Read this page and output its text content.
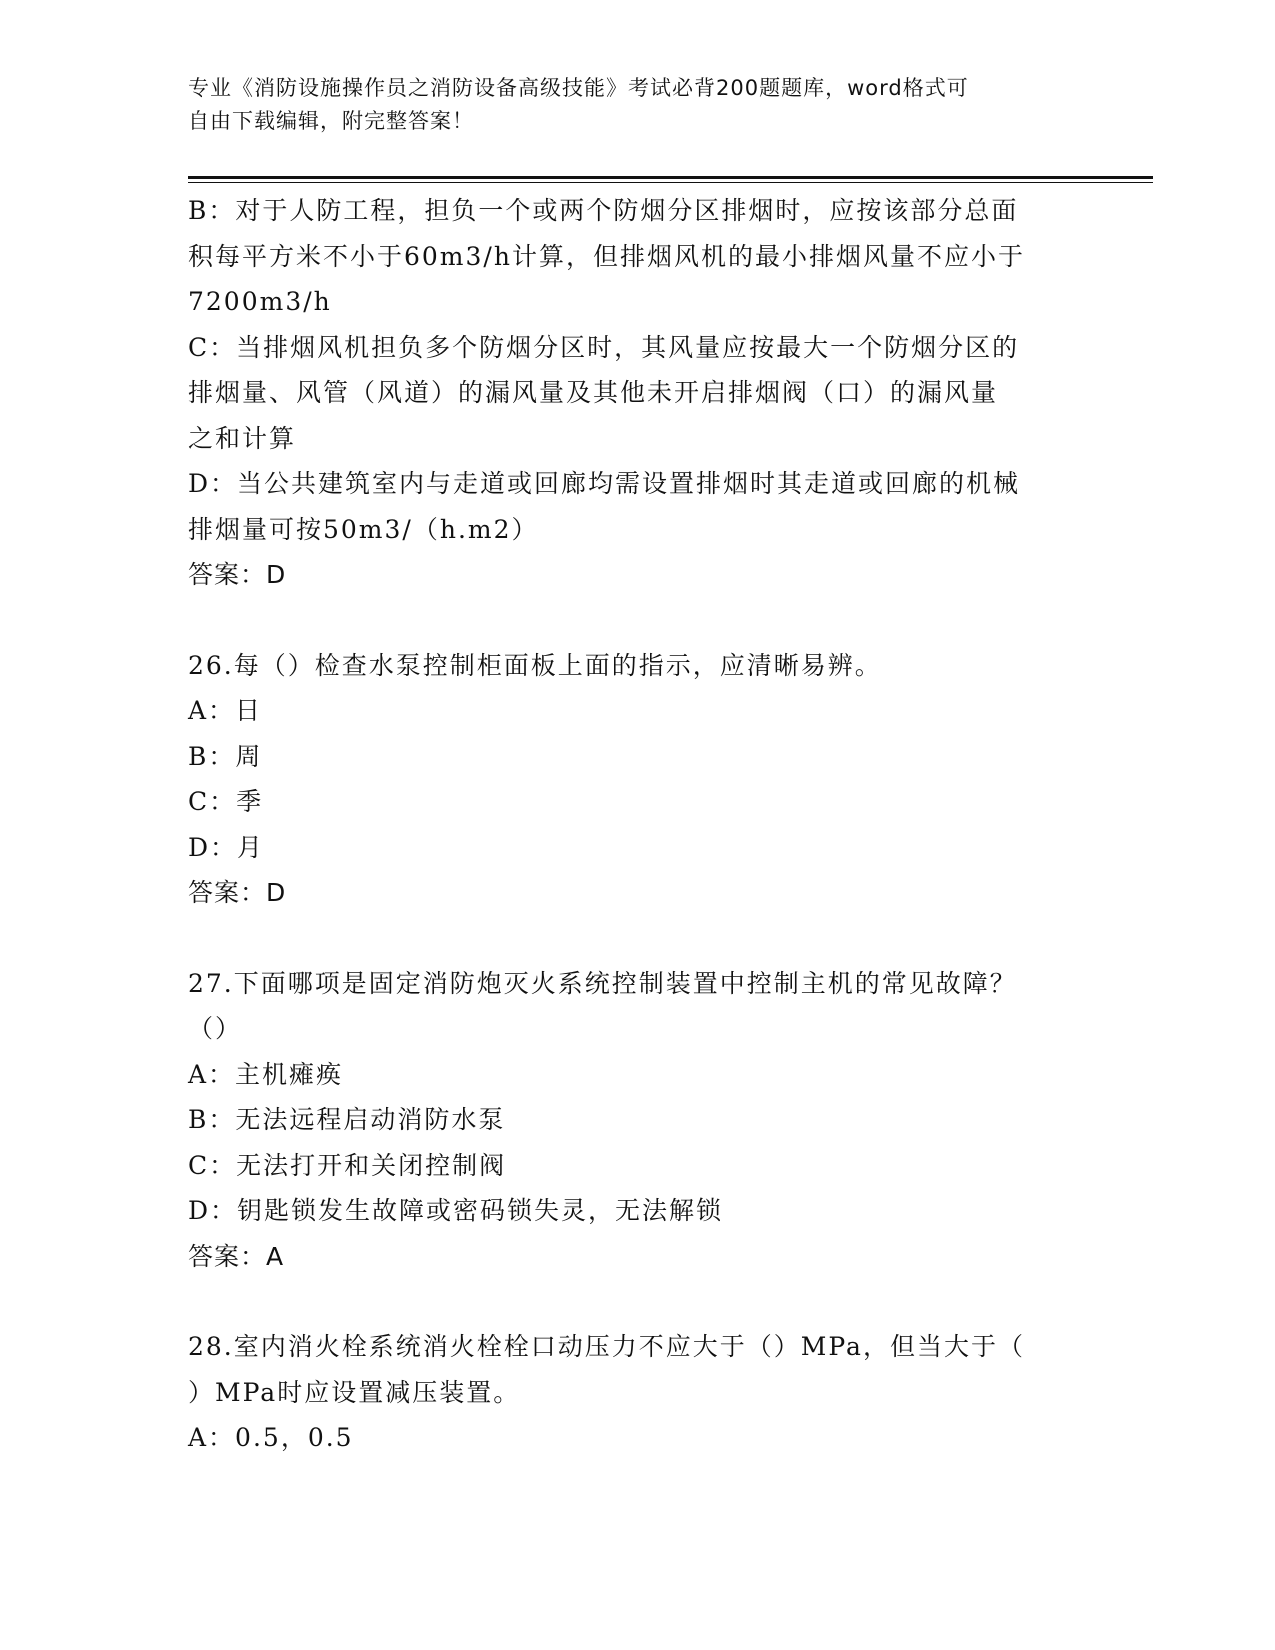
专业《消防设施操作员之消防设备高级技能》考试必背200题题库，word格式可
自由下载编辑，附完整答案！

B：对于人防工程，担负一个或两个防烟分区排烟时，应按该部分总面

积每平方米不小于60m3/h计算，但排烟风机的最小排烟风量不应小于

7200m3/h

C：当排烟风机担负多个防烟分区时，其风量应按最大一个防烟分区的

排烟量、风管（风道）的漏风量及其他未开启排烟阀（口）的漏风量

之和计算

D：当公共建筑室内与走道或回廊均需设置排烟时其走道或回廊的机械

排烟量可按50m3/（h.m2）

答案：D

26.每（）检查水泵控制柜面板上面的指示，应清晰易辨。

A：日

B：周

C：季

D：月

答案：D

27.下面哪项是固定消防炮灭火系统控制装置中控制主机的常见故障？

（）

A：主机瘫痪

B：无法远程启动消防水泵

C：无法打开和关闭控制阀

D：钥匙锁发生故障或密码锁失灵，无法解锁

答案：A

28.室内消火栓系统消火栓栓口动压力不应大于（）MPa，但当大于（

）MPa时应设置减压装置。

A：0.5，0.5
